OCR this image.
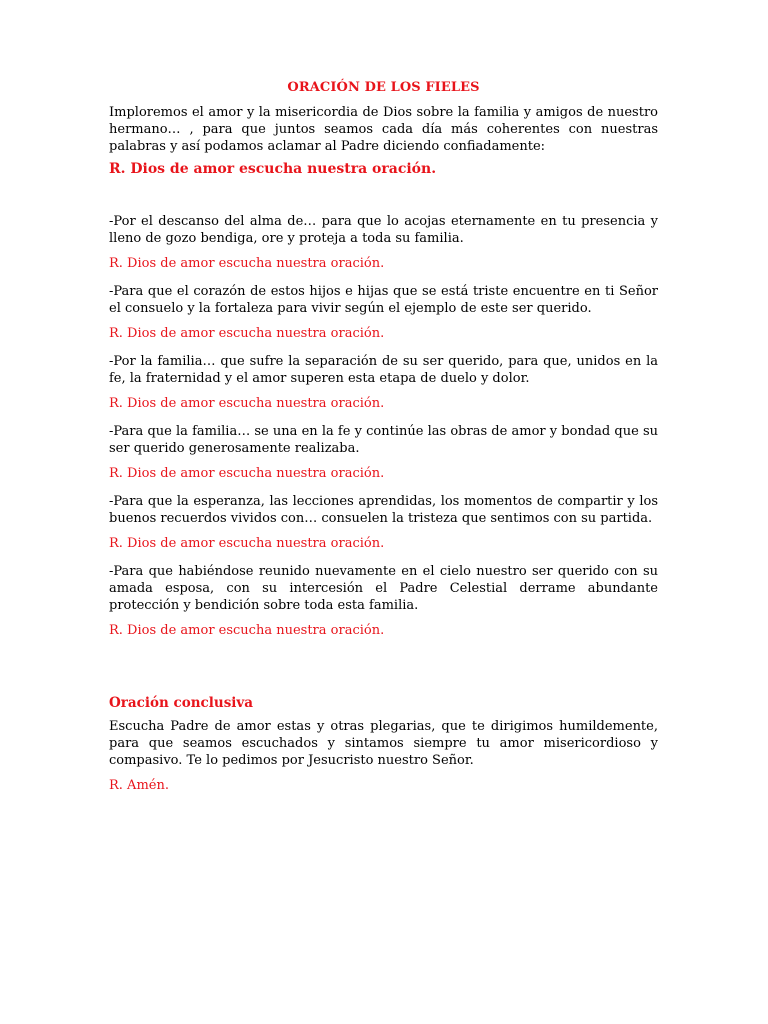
ORACIÓN DE LOS FIELES

Imploremos el amor y la misericordia de Dios sobre la familia y amigos de nuestro hermano… , para que juntos seamos cada día más coherentes con nuestras palabras y así podamos aclamar al Padre diciendo confiadamente:

R. Dios de amor escucha nuestra oración.

-Por el descanso del alma de… para que lo acojas eternamente en tu presencia y lleno de gozo bendiga, ore y proteja a toda su familia.

R. Dios de amor escucha nuestra oración.

-Para que el corazón de estos hijos e hijas que se está triste encuentre en ti Señor el consuelo y la fortaleza para vivir según el ejemplo de este ser querido.

R. Dios de amor escucha nuestra oración.

-Por la familia… que sufre la separación de su ser querido, para que, unidos en la fe, la fraternidad y el amor superen esta etapa de duelo y dolor.

R. Dios de amor escucha nuestra oración.

-Para que la familia… se una en la fe y continúe las obras de amor y bondad que su ser querido generosamente realizaba.

R. Dios de amor escucha nuestra oración.

-Para que la esperanza, las lecciones aprendidas, los momentos de compartir y los buenos recuerdos vividos con… consuelen la tristeza que sentimos con su partida.

R. Dios de amor escucha nuestra oración.

-Para que habiéndose reunido nuevamente en el cielo nuestro ser querido con su amada esposa, con su intercesión el Padre Celestial derrame abundante protección y bendición sobre toda esta familia.

R. Dios de amor escucha nuestra oración.

Oración conclusiva

Escucha Padre de amor estas y otras plegarias, que te dirigimos humildemente, para que seamos escuchados y sintamos siempre tu amor misericordioso y compasivo. Te lo pedimos por Jesucristo nuestro Señor.

R. Amén.
